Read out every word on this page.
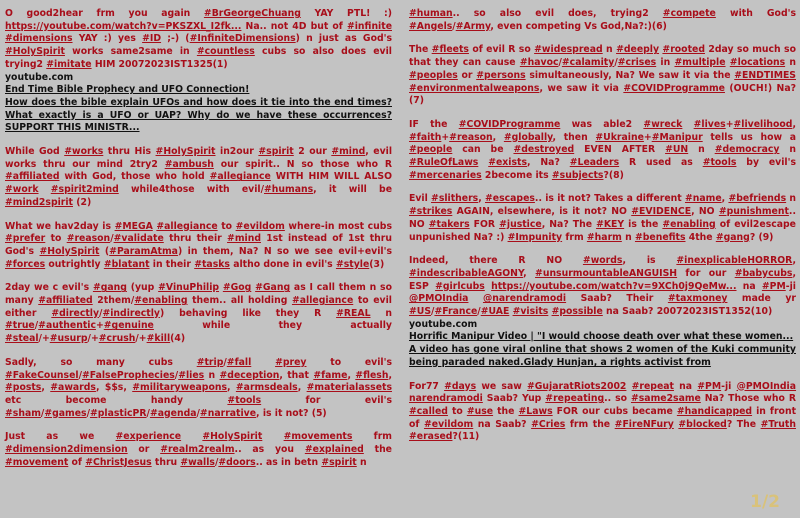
O good2hear frm you again #BrGeorgeChuang YAY PTL! :) https://youtube.com/watch?v=PKSZXL_I2fk... Na.. not 4D but of #infinite #dimensions YAY :) yes #ID ;-) (#InfiniteDimensions) n just as God's #HolySpirit works same2same in #countless cubs so also does evil trying2 #imitate HIM 20072023IST1325(1)
youtube.com
End Time Bible Prophecy and UFO Connection!
How does the bible explain UFOs and how does it tie into the end times? What exactly is a UFO or UAP? Why do we have these occurrences?SUPPORT THIS MINISTR...
While God #works thru His #HolySpirit in2our #spirit 2 our #mind, evil works thru our mind 2try2 #ambush our spirit.. N so those who R #affiliated with God, those who hold #allegiance WITH HIM WILL ALSO #work #spirit2mind while4those with evil/#humans, it will be #mind2spirit (2)
What we hav2day is #MEGA #allegiance to #evildom where-in most cubs #prefer to #reason/#validate thru their #mind 1st instead of 1st thru God's #HolySpirit (#ParamAtma) in them, Na? N so we see evil+evil's #forces outrightly #blatant in their #tasks altho done in evil's #style(3)
2day we c evil's #gang (yup #VinuPhilip #Gog #Gang as I call them n so many #affiliated 2them/#enabling them.. all holding #allegiance to evil either #directly/#indirectly) behaving like they R #REAL n #true/#authentic+#genuine while they actually #steal/+#usurp/+#crush/+#kill(4)
Sadly, so many cubs #trip/#fall	#prey to evil's #FakeCounsel/#FalseProphecies/#lies n #deception, that #fame, #flesh, #posts, #awards, $$s, #militaryweapons, #armsdeals, #materialassets etc become handy #tools for evil's #sham/#games/#plasticPR/#agenda/#narrative, is it not? (5)
Just as we #experience #HolySpirit #movements frm #dimension2dimension or #realm2realm.. as you #explained the #movement of #ChristJesus thru #walls/#doors.. as in betn #spirit n
#human.. so also evil does, trying2 #compete with God's #Angels/#Army, even competing Vs God,Na?:)(6)
The #fleets of evil R so #widespread n #deeply #rooted 2day so much so that they can cause #havoc/#calamity/#crises in #multiple #locations n #peoples or #persons simultaneously, Na? We saw it via the #ENDTIMES #environmentalweapons, we saw it via #COVIDProgramme (OUCH!) Na? (7)
IF the #COVIDProgramme was able2 #wreck #lives+#livelihood, #faith+#reason, #globally, then #Ukraine+#Manipur tells us how a #people can be #destroyed EVEN AFTER #UN n #democracy n #RuleOfLaws #exists, Na? #Leaders R used as #tools by evil's #mercenaries 2become its #subjects?(8)
Evil #slithers, #escapes.. is it not? Takes a different #name, #befriends n #strikes AGAIN, elsewhere, is it not? NO #EVIDENCE, NO #punishment.. NO #takers FOR #justice, Na? The #KEY is the #enabling of evil2escape unpunished Na? :) #Impunity frm #harm n #benefits 4the #gang? (9)
Indeed, there R NO #words, is #inexplicableHORROR, #indescribableAGONY, #unsurmountableANGUISH for our #babycubs, ESP #girlcubs https://youtube.com/watch?v=9XCh0j9QeMw... na #PM-ji @PMOIndia @narendramodi Saab? Their #taxmoney made yr #US/#France/#UAE #visits #possible na Saab? 20072023IST1352(10)
youtube.com
Horrific Manipur Video | "I would choose death over what these women...
A video has gone viral online that shows 2 women of the Kuki community being paraded naked.Glady Hunjan, a rights activist from
For77 #days we saw #GujaratRiots2002 #repeat na #PM-ji @PMOIndia narendramodi Saab? Yup #repeating.. so #same2same Na? Those who R #called to #use the #Laws FOR our cubs became #handicapped in front of #evildom na Saab? #Cries frm the #FireNFury #blocked? The #Truth #erased?(11)
1/2
